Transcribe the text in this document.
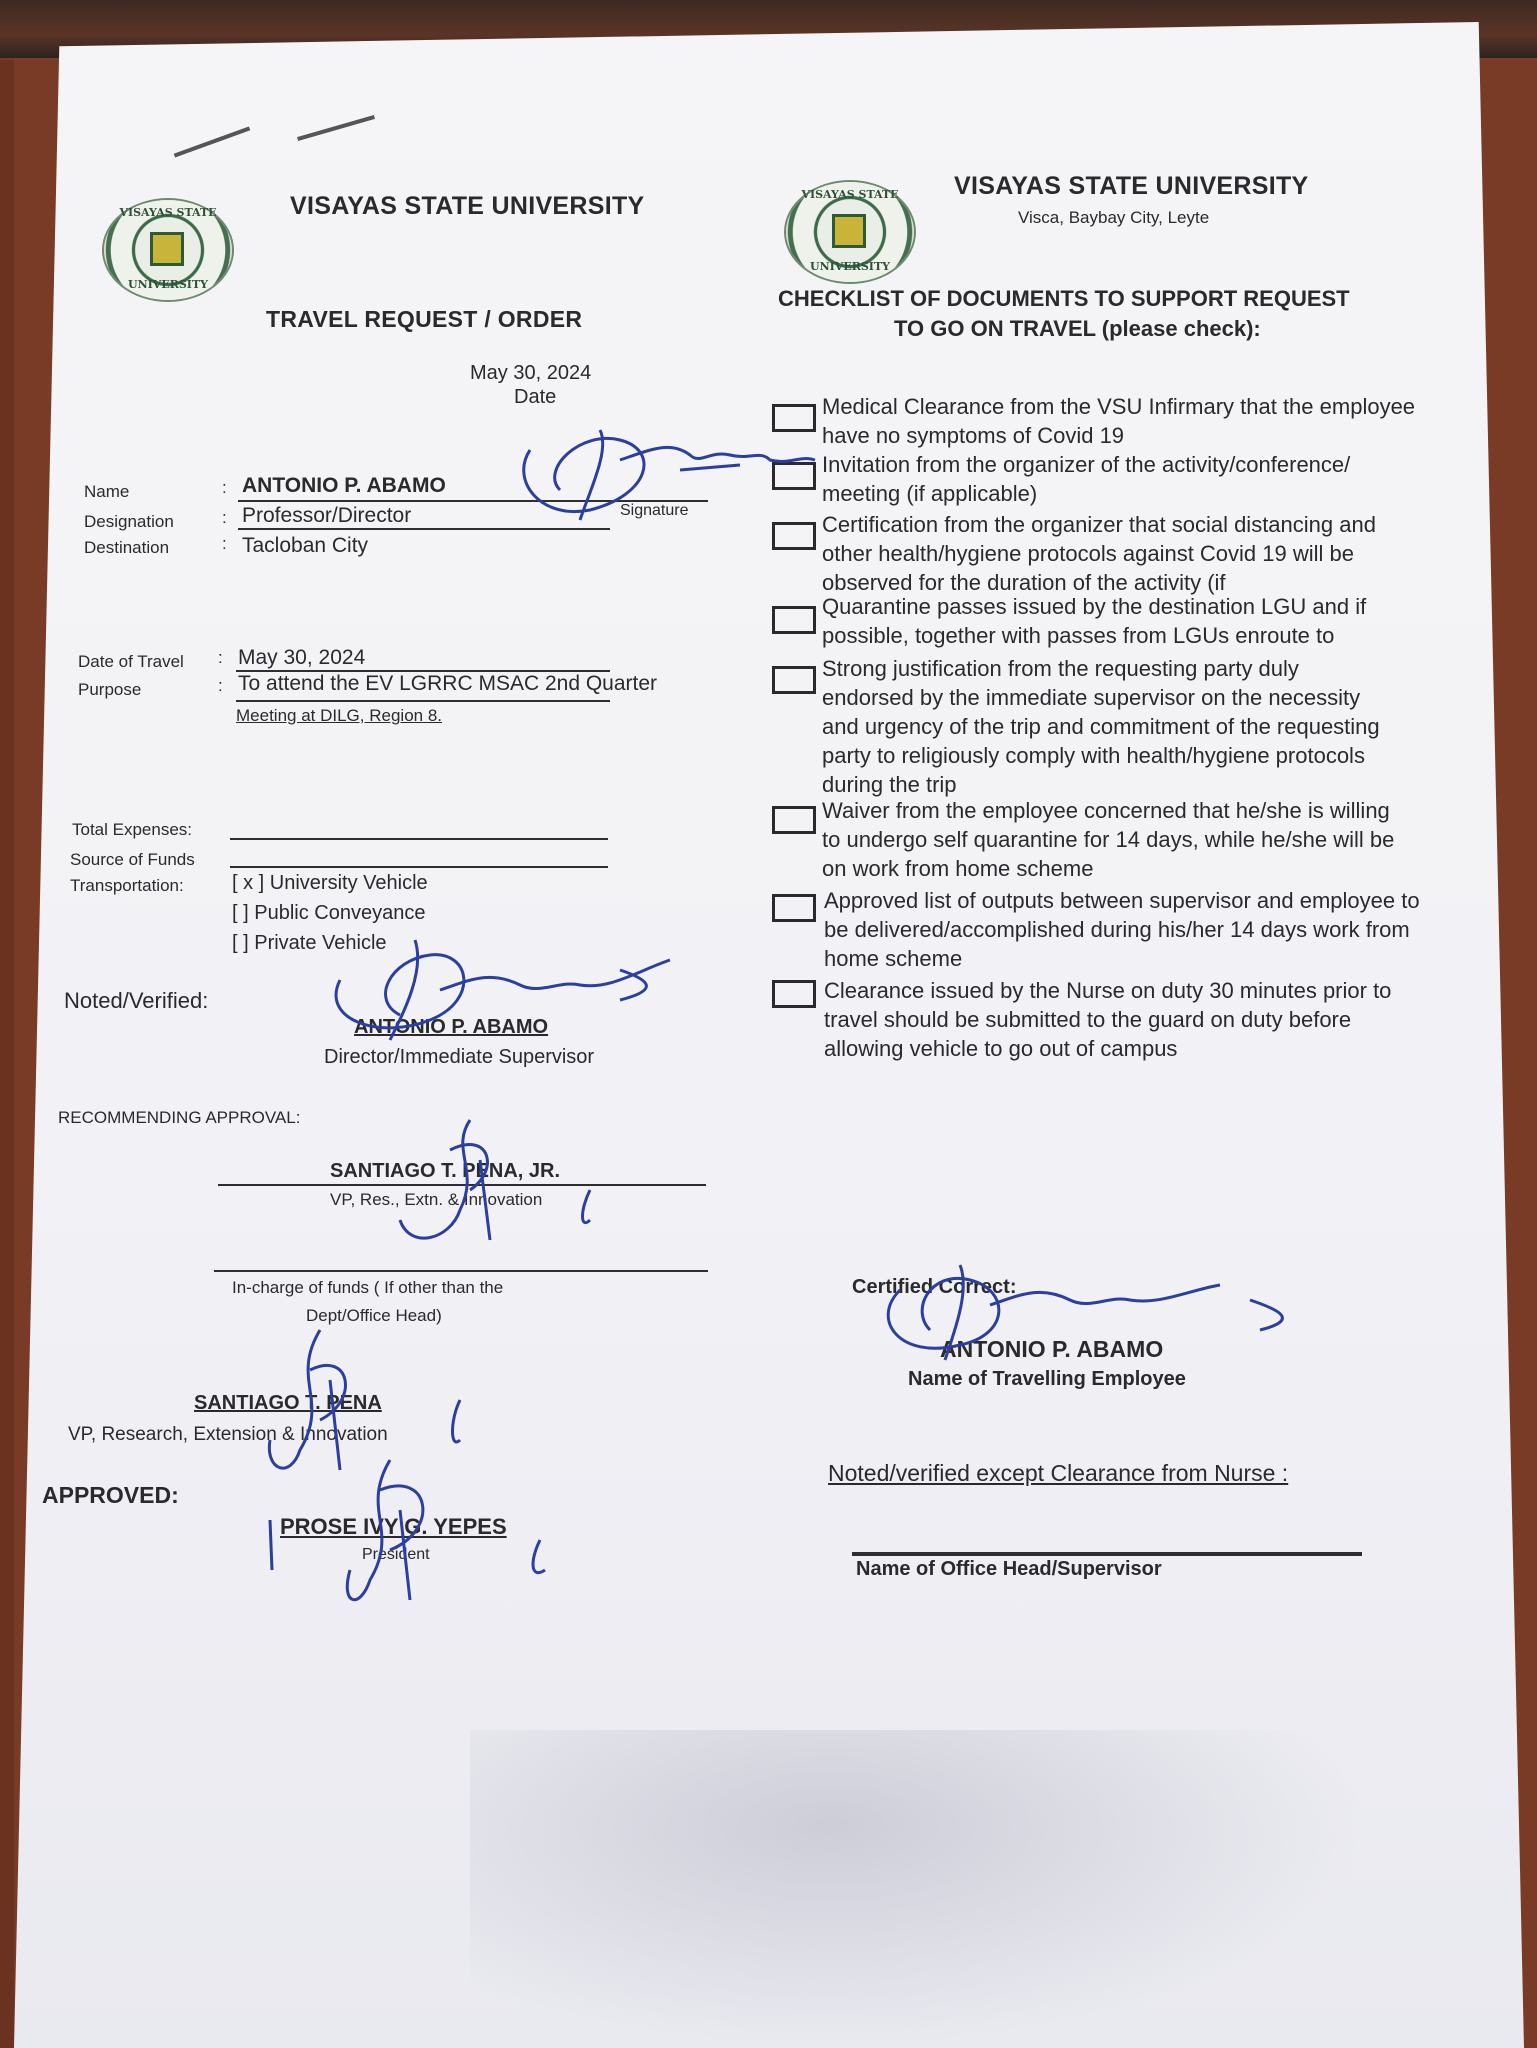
VISAYAS STATE
UNIVERSITY
VISAYAS STATE UNIVERSITY
TRAVEL REQUEST / ORDER
May 30, 2024
Date
Name	: ANTONIO P. ABAMO
Signature
Designation	: Professor/Director
Destination	: Tacloban City
Date of Travel : May 30, 2024
Purpose	: To attend the EV LGRRC MSAC 2nd Quarter
Meeting at DILG, Region 8.
Total Expenses:
Source of Funds
Transportation: [ x ] University Vehicle
[ ] Public Conveyance
[ ] Private Vehicle
Noted/Verified:
ANTONIO P. ABAMO
Director/Immediate Supervisor
RECOMMENDING APPROVAL:
SANTIAGO T. PENA, JR.
VP, Res., Extn. & Innovation
In-charge of funds ( If other than the
Dept/Office Head)
SANTIAGO T. PENA
VP, Research, Extension & Innovation
APPROVED:
PROSE IVY G. YEPES
President
VISAYAS STATE
UNIVERSITY
VISAYAS STATE UNIVERSITY
Visca, Baybay City, Leyte
CHECKLIST OF DOCUMENTS TO SUPPORT REQUEST
TO GO ON TRAVEL (please check):
Medical Clearance from the VSU Infirmary that the employee have no symptoms of Covid 19
Invitation from the organizer of the activity/conference/ meeting (if applicable)
Certification from the organizer that social distancing and other health/hygiene protocols against Covid 19 will be observed for the duration of the activity (if
Quarantine passes issued by the destination LGU and if possible, together with passes from LGUs enroute to
Strong justification from the requesting party duly endorsed by the immediate supervisor on the necessity and urgency of the trip and commitment of the requesting party to religiously comply with health/hygiene protocols during the trip
Waiver from the employee concerned that he/she is willing to undergo self quarantine for 14 days, while he/she will be on work from home scheme
Approved list of outputs between supervisor and employee to be delivered/accomplished during his/her 14 days work from home scheme
Clearance issued by the Nurse on duty 30 minutes prior to travel should be submitted to the guard on duty before allowing vehicle to go out of campus
Certified Correct:
ANTONIO P. ABAMO
Name of Travelling Employee
Noted/verified except Clearance from Nurse :
Name of Office Head/Supervisor
